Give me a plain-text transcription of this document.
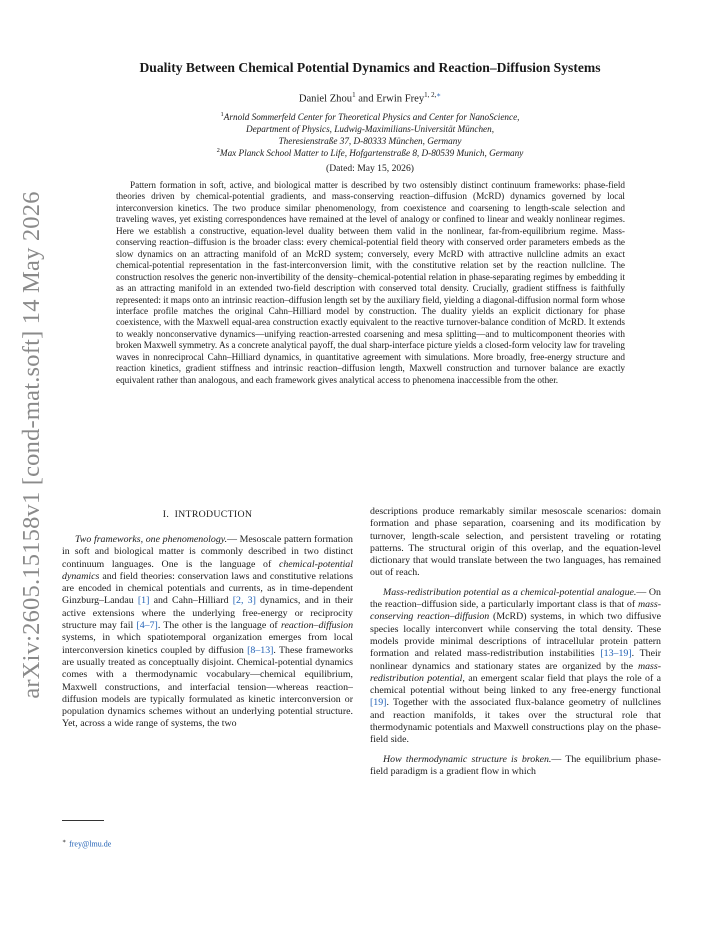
arXiv:2605.15158v1 [cond-mat.soft] 14 May 2026
Duality Between Chemical Potential Dynamics and Reaction–Diffusion Systems
Daniel Zhou$^1$ and Erwin Frey$^{1, 2,∗}$
$^1$Arnold Sommerfeld Center for Theoretical Physics and Center for NanoScience,
Department of Physics, Ludwig-Maximilians-Universität München,
Theresienstraße 37, D-80333 München, Germany
$^2$Max Planck School Matter to Life, Hofgartenstraße 8, D-80539 Munich, Germany
(Dated: May 15, 2026)

Pattern formation in soft, active, and biological matter is described by two ostensibly distinct continuum frameworks: phase-field theories driven by chemical-potential gradients, and mass-conserving reaction–diffusion (McRD) dynamics governed by local interconversion kinetics. The two produce similar phenomenology, from coexistence and coarsening to length-scale selection and traveling waves, yet existing correspondences have remained at the level of analogy or confined to linear and weakly nonlinear regimes. Here we establish a constructive, equation-level duality between them valid in the nonlinear, far-from-equilibrium regime. Mass-conserving reaction–diffusion is the broader class: every chemical-potential field theory with conserved order parameters embeds as the slow dynamics on an attracting manifold of an McRD system; conversely, every McRD with attractive nullcline admits an exact chemical-potential representation in the fast-interconversion limit, with the constitutive relation set by the reaction nullcline. The construction resolves the generic non-invertibility of the density–chemical-potential relation in phase-separating regimes by embedding it as an attracting manifold in an extended two-field description with conserved total density. Crucially, gradient stiffness is faithfully represented: it maps onto an intrinsic reaction–diffusion length set by the auxiliary field, yielding a diagonal-diffusion normal form whose interface profile matches the original Cahn–Hilliard model by construction. The duality yields an explicit dictionary for phase coexistence, with the Maxwell equal-area construction exactly equivalent to the reactive turnover-balance condition of McRD. It extends to weakly nonconservative dynamics—unifying reaction-arrested coarsening and mesa splitting—and to multicomponent theories with broken Maxwell symmetry. As a concrete analytical payoff, the dual sharp-interface picture yields a closed-form velocity law for traveling waves in nonreciprocal Cahn–Hilliard dynamics, in quantitative agreement with simulations. More broadly, free-energy structure and reaction kinetics, gradient stiffness and intrinsic reaction–diffusion length, Maxwell construction and turnover balance are exactly equivalent rather than analogous, and each framework gives analytical access to phenomena inaccessible from the other.

I. INTRODUCTION

Two frameworks, one phenomenology.— Mesoscale pattern formation in soft and biological matter is commonly described in two distinct continuum languages. One is the language of chemical-potential dynamics and field theories: conservation laws and constitutive relations are encoded in chemical potentials and currents, as in time-dependent Ginzburg–Landau [1] and Cahn–Hilliard [2, 3] dynamics, and in their active extensions where the underlying free-energy or reciprocity structure may fail [4–7]. The other is the language of reaction–diffusion systems, in which spatiotemporal organization emerges from local interconversion kinetics coupled by diffusion [8–13]. These frameworks are usually treated as conceptually disjoint. Chemical-potential dynamics comes with a thermodynamic vocabulary—chemical equilibrium, Maxwell constructions, and interfacial tension—whereas reaction–diffusion models are typically formulated as kinetic interconversion or population dynamics schemes without an underlying potential structure. Yet, across a wide range of systems, the two

descriptions produce remarkably similar mesoscale scenarios: domain formation and phase separation, coarsening and its modification by turnover, length-scale selection, and persistent traveling or rotating patterns. The structural origin of this overlap, and the equation-level dictionary that would translate between the two languages, has remained out of reach.

Mass-redistribution potential as a chemical-potential analogue.— On the reaction–diffusion side, a particularly important class is that of mass-conserving reaction–diffusion (McRD) systems, in which two diffusive species locally interconvert while conserving the total density. These models provide minimal descriptions of intracellular protein pattern formation and related mass-redistribution instabilities [13–19]. Their nonlinear dynamics and stationary states are organized by the mass-redistribution potential, an emergent scalar field that plays the role of a chemical potential without being linked to any free-energy functional [19]. Together with the associated flux-balance geometry of nullclines and reaction manifolds, it takes over the structural role that thermodynamic potentials and Maxwell constructions play on the phase-field side.

How thermodynamic structure is broken.— The equilibrium phase-field paradigm is a gradient flow in which

∗ frey@lmu.de
